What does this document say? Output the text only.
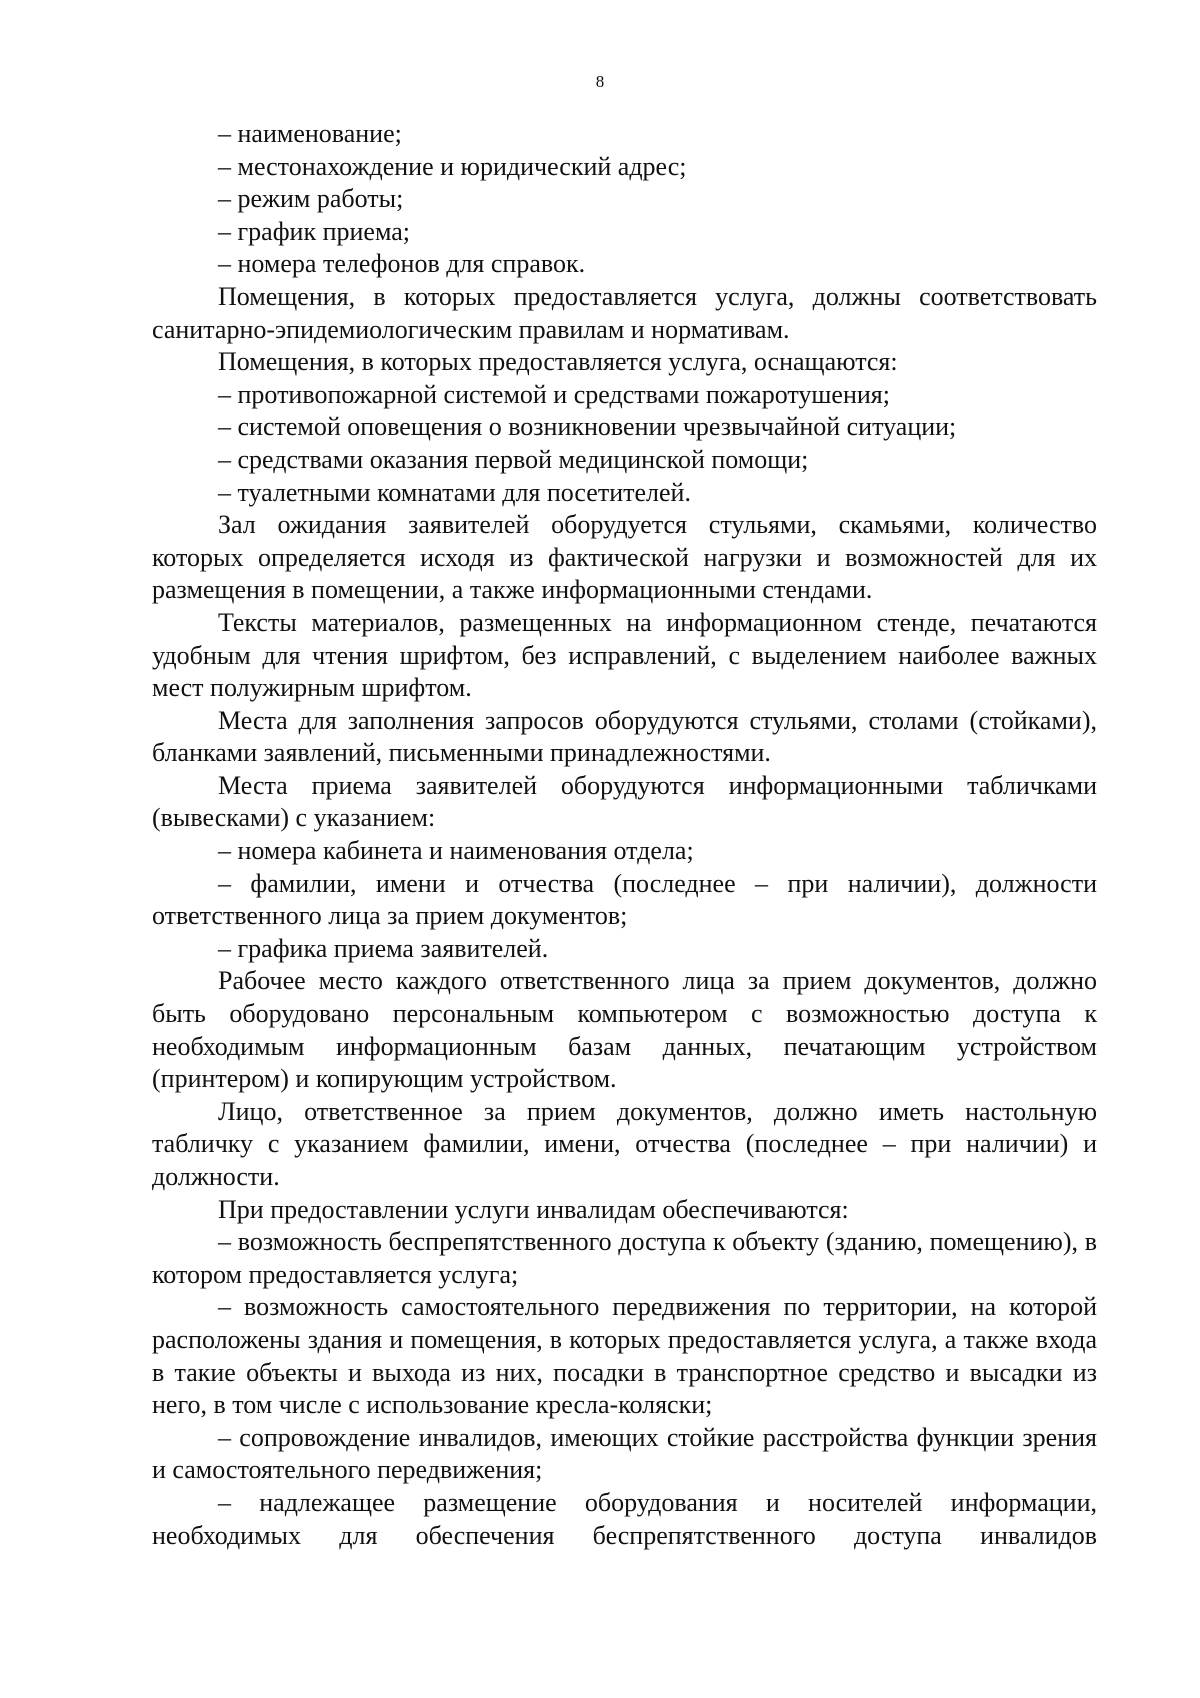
8

– наименование;

– местонахождение и юридический адрес;

– режим работы;

– график приема;

– номера телефонов для справок.

Помещения, в которых предоставляется услуга, должны соответствовать санитарно-эпидемиологическим правилам и нормативам.

Помещения, в которых предоставляется услуга, оснащаются:

– противопожарной системой и средствами пожаротушения;

– системой оповещения о возникновении чрезвычайной ситуации;

– средствами оказания первой медицинской помощи;

– туалетными комнатами для посетителей.

Зал ожидания заявителей оборудуется стульями, скамьями, количество которых определяется исходя из фактической нагрузки и возможностей для их размещения в помещении, а также информационными стендами.

Тексты материалов, размещенных на информационном стенде, печатаются удобным для чтения шрифтом, без исправлений, с выделением наиболее важных мест полужирным шрифтом.

Места для заполнения запросов оборудуются стульями, столами (стойками), бланками заявлений, письменными принадлежностями.

Места приема заявителей оборудуются информационными табличками (вывесками) с указанием:

– номера кабинета и наименования отдела;

– фамилии, имени и отчества (последнее – при наличии), должности ответственного лица за прием документов;

– графика приема заявителей.

Рабочее место каждого ответственного лица за прием документов, должно быть оборудовано персональным компьютером с возможностью доступа к необходимым информационным базам данных, печатающим устройством (принтером) и копирующим устройством.

Лицо, ответственное за прием документов, должно иметь настольную табличку с указанием фамилии, имени, отчества (последнее – при наличии) и должности.

При предоставлении услуги инвалидам обеспечиваются:

– возможность беспрепятственного доступа к объекту (зданию, помещению), в котором предоставляется услуга;

– возможность самостоятельного передвижения по территории, на которой расположены здания и помещения, в которых предоставляется услуга, а также входа в такие объекты и выхода из них, посадки в транспортное средство и высадки из него, в том числе с использование кресла-коляски;

– сопровождение инвалидов, имеющих стойкие расстройства функции зрения и самостоятельного передвижения;

– надлежащее размещение оборудования и носителей информации, необходимых для обеспечения беспрепятственного доступа инвалидов
